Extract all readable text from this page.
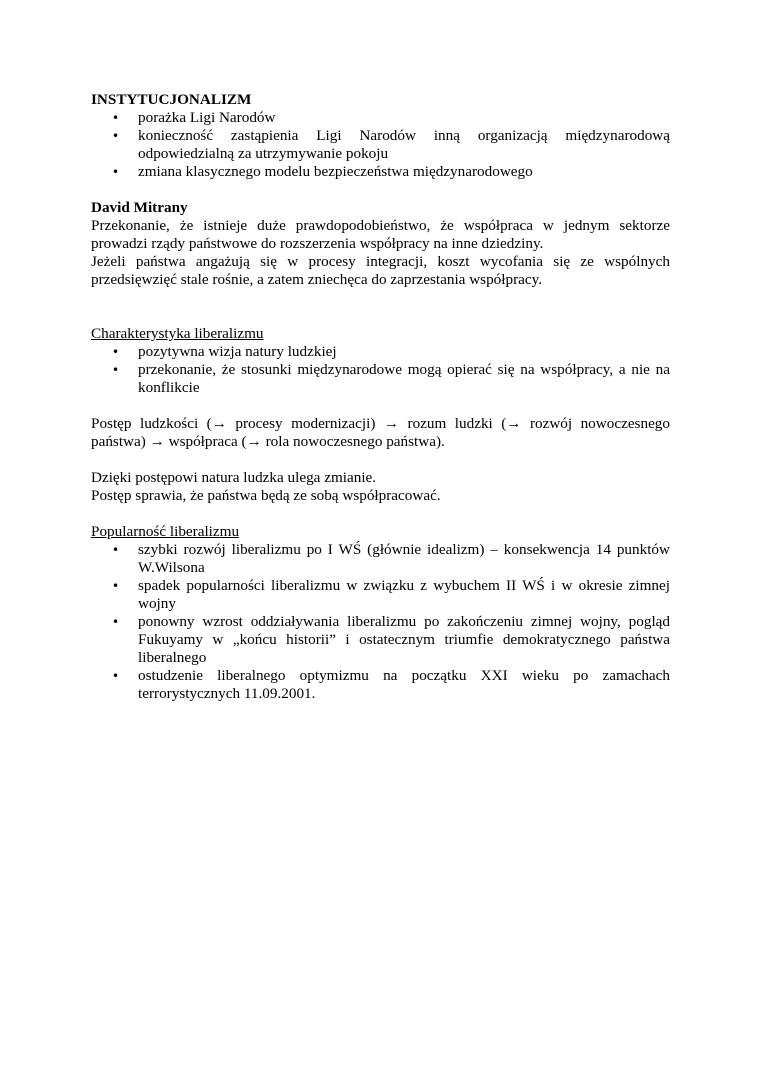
INSTYTUCJONALIZM
• porażka Ligi Narodów
• konieczność zastąpienia Ligi Narodów inną organizacją międzynarodową odpowiedzialną za utrzymywanie pokoju
• zmiana klasycznego modelu bezpieczeństwa międzynarodowego
David Mitrany

Przekonanie, że istnieje duże prawdopodobieństwo, że współpraca w jednym sektorze prowadzi rządy państwowe do rozszerzenia współpracy na inne dziedziny.

Jeżeli państwa angażują się w procesy integracji, koszt wycofania się ze wspólnych przedsięwzięć stale rośnie, a zatem zniechęca do zaprzestania współpracy.

Charakterystyka liberalizmu
• pozytywna wizja natury ludzkiej
• przekonanie, że stosunki międzynarodowe mogą opierać się na współpracy, a nie na konflikcie

Postęp ludzkości (→ procesy modernizacji) → rozum ludzki (→ rozwój nowoczesnego państwa) → współpraca (→ rola nowoczesnego państwa).

Dzięki postępowi natura ludzka ulega zmianie.

Postęp sprawia, że państwa będą ze sobą współpracować.

Popularność liberalizmu
• szybki rozwój liberalizmu po I WŚ (głównie idealizm) – konsekwencja 14 punktów W.Wilsona
• spadek popularności liberalizmu w związku z wybuchem II WŚ i w okresie zimnej wojny
• ponowny wzrost oddziaływania liberalizmu po zakończeniu zimnej wojny, pogląd Fukuyamy w „końcu historii” i ostatecznym triumfie demokratycznego państwa liberalnego
• ostudzenie liberalnego optymizmu na początku XXI wieku po zamachach terrorystycznych 11.09.2001.
